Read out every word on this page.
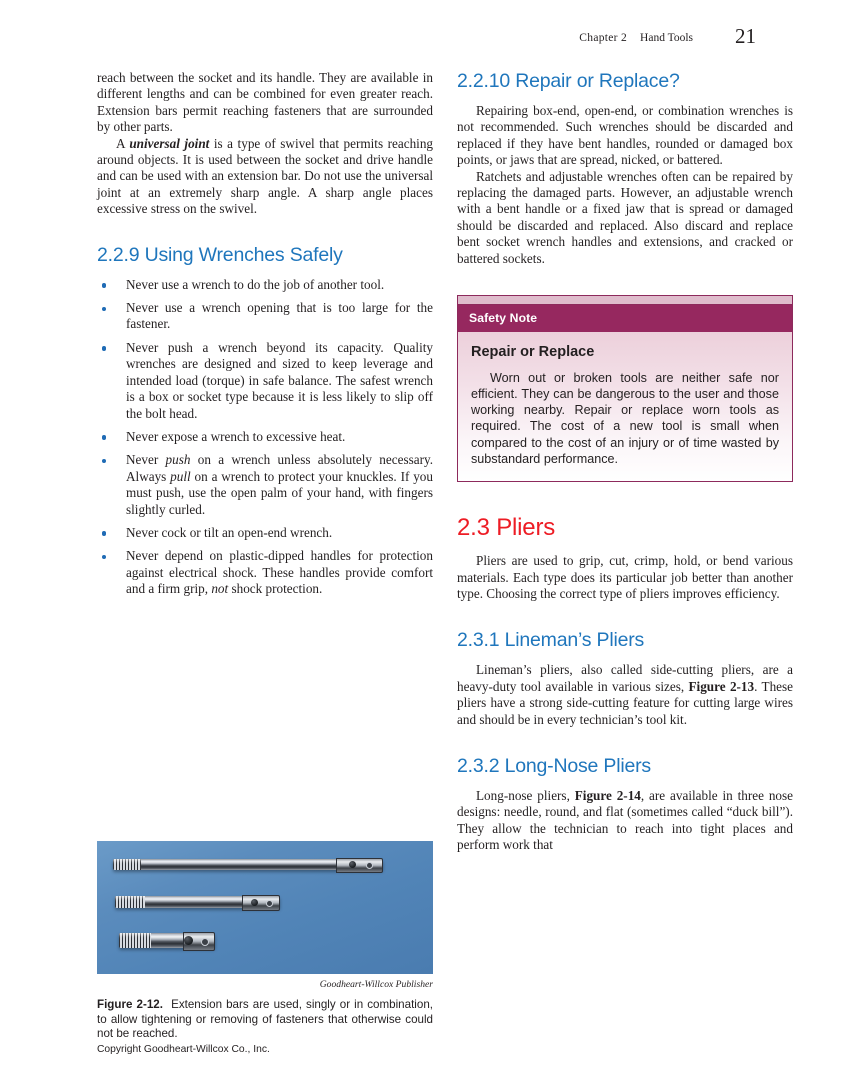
Chapter 2 Hand Tools 21

reach between the socket and its handle. They are available in different lengths and can be combined for even greater reach. Extension bars permit reaching fasteners that are surrounded by other parts.

A universal joint is a type of swivel that permits reaching around objects. It is used between the socket and drive handle and can be used with an extension bar. Do not use the universal joint at an extremely sharp angle. A sharp angle places excessive stress on the swivel.

2.2.9 Using Wrenches Safely
Never use a wrench to do the job of another tool.
Never use a wrench opening that is too large for the fastener.
Never push a wrench beyond its capacity. Quality wrenches are designed and sized to keep leverage and intended load (torque) in safe balance. The safest wrench is a box or socket type because it is less likely to slip off the bolt head.
Never expose a wrench to excessive heat.
Never push on a wrench unless absolutely necessary. Always pull on a wrench to protect your knuckles. If you must push, use the open palm of your hand, with fingers slightly curled.
Never cock or tilt an open-end wrench.
Never depend on plastic-dipped handles for protection against electrical shock. These handles provide comfort and a firm grip, not shock protection.
2.2.10 Repair or Replace?

Repairing box-end, open-end, or combination wrenches is not recommended. Such wrenches should be discarded and replaced if they have bent handles, rounded or damaged box points, or jaws that are spread, nicked, or battered.

Ratchets and adjustable wrenches often can be repaired by replacing the damaged parts. However, an adjustable wrench with a bent handle or a fixed jaw that is spread or damaged should be discarded and replaced. Also discard and replace bent socket wrench handles and extensions, and cracked or battered sockets.

Safety Note
Repair or Replace

Worn out or broken tools are neither safe nor efficient. They can be dangerous to the user and those working nearby. Repair or replace worn tools as required. The cost of a new tool is small when compared to the cost of an injury or of time wasted by substandard performance.

2.3 Pliers

Pliers are used to grip, cut, crimp, hold, or bend various materials. Each type does its particular job better than another type. Choosing the correct type of pliers improves efficiency.

2.3.1 Lineman’s Pliers

Lineman’s pliers, also called side-cutting pliers, are a heavy-duty tool available in various sizes, Figure 2-13. These pliers have a strong side-cutting feature for cutting large wires and should be in every technician’s tool kit.

2.3.2 Long-Nose Pliers

Long-nose pliers, Figure 2-14, are available in three nose designs: needle, round, and flat (sometimes called “duck bill”). They allow the technician to reach into tight places and perform work that

Goodheart-Willcox Publisher
Figure 2-12. Extension bars are used, singly or in combination, to allow tightening or removing of fasteners that otherwise could not be reached.
Copyright Goodheart-Willcox Co., Inc.
